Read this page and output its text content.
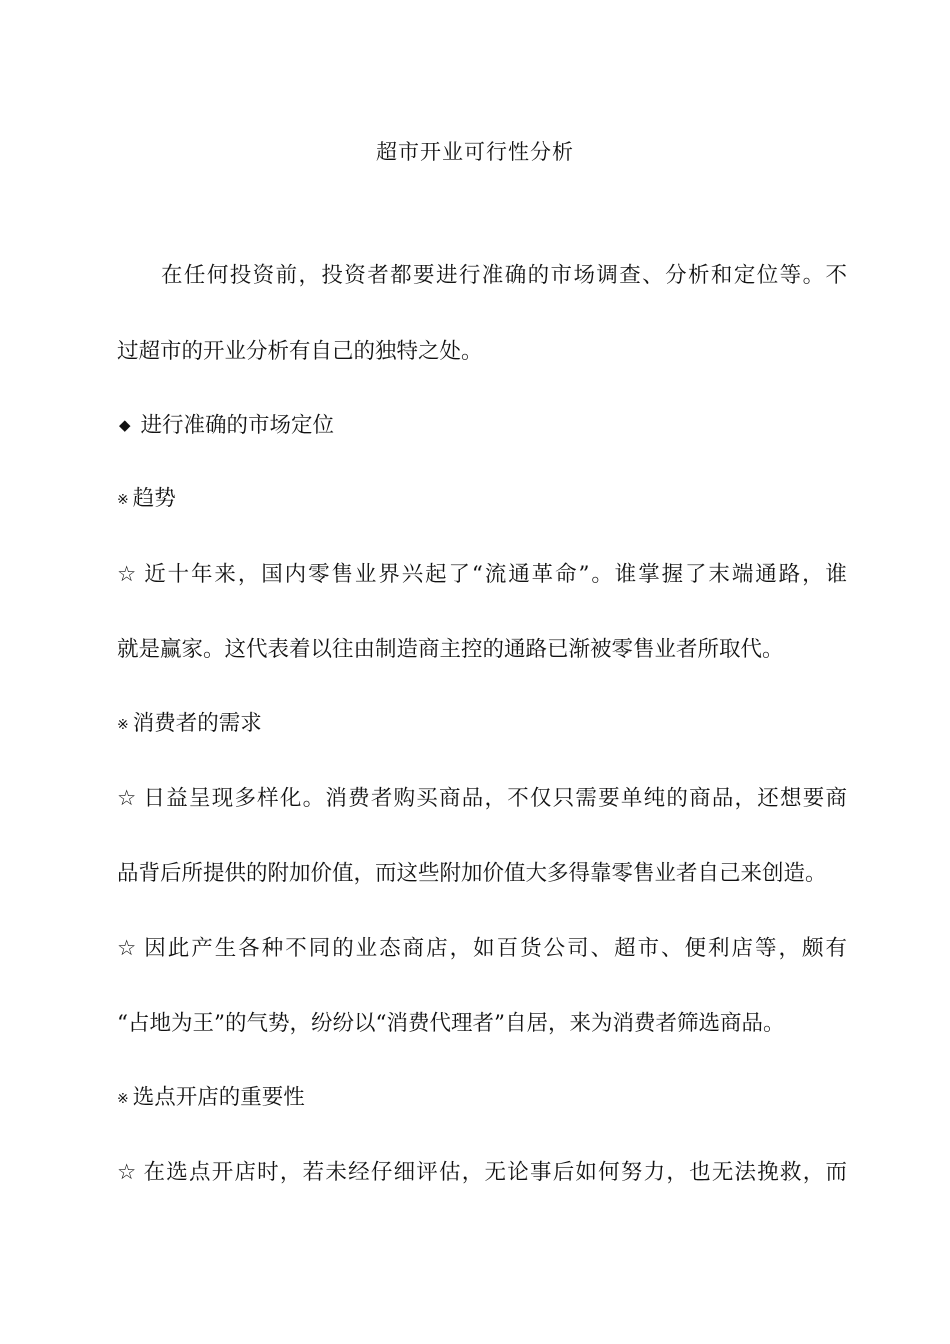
超市开业可行性分析
在任何投资前，投资者都要进行准确的市场调查、分析和定位等。不
过超市的开业分析有自己的独特之处。
◆ 进行准确的市场定位
※ 趋势
☆ 近十年来，国内零售业界兴起了“流通革命”。谁掌握了末端通路，谁
就是赢家。这代表着以往由制造商主控的通路已渐被零售业者所取代。
※ 消费者的需求
☆ 日益呈现多样化。消费者购买商品，不仅只需要单纯的商品，还想要商
品背后所提供的附加价值，而这些附加价值大多得靠零售业者自己来创造。
☆ 因此产生各种不同的业态商店，如百货公司、超市、便利店等，颇有
“占地为王”的气势，纷纷以“消费代理者”自居，来为消费者筛选商品。
※ 选点开店的重要性
☆ 在选点开店时，若未经仔细评估，无论事后如何努力，也无法挽救，而
